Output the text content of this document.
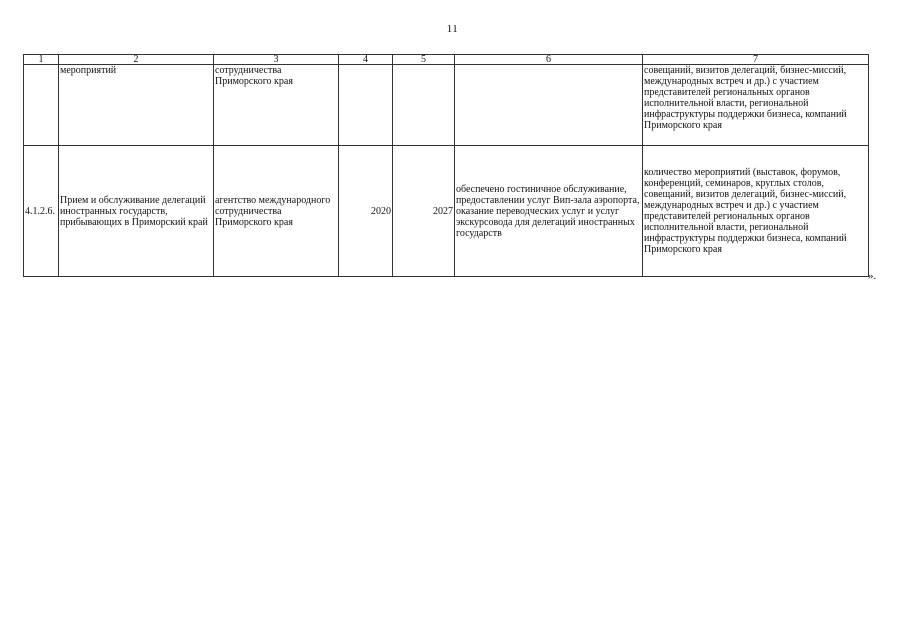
11
1	2	3	4	5	6	7
	мероприятий	сотрудничества Приморского края				совещаний, визитов делегаций, бизнес-миссий, международных встреч и др.) с участием представителей региональных органов исполнительной власти, региональной инфраструктуры поддержки бизнеса, компаний Приморского края
4.1.2.6.	Прием и обслуживание делегаций иностранных государств, прибывающих в Приморский край	агентство международного сотрудничества Приморского края	2020	2027	обеспечено гостиничное обслуживание, предоставлении услуг Вип-зала аэропорта, оказание переводческих услуг и услуг экскурсовода для делегаций иностранных государств	количество мероприятий (выставок, форумов, конференций, семинаров, круглых столов, совещаний, визитов делегаций, бизнес-миссий, международных встреч и др.) с участием представителей региональных органов исполнительной власти, региональной инфраструктуры поддержки бизнеса, компаний Приморского края
».
